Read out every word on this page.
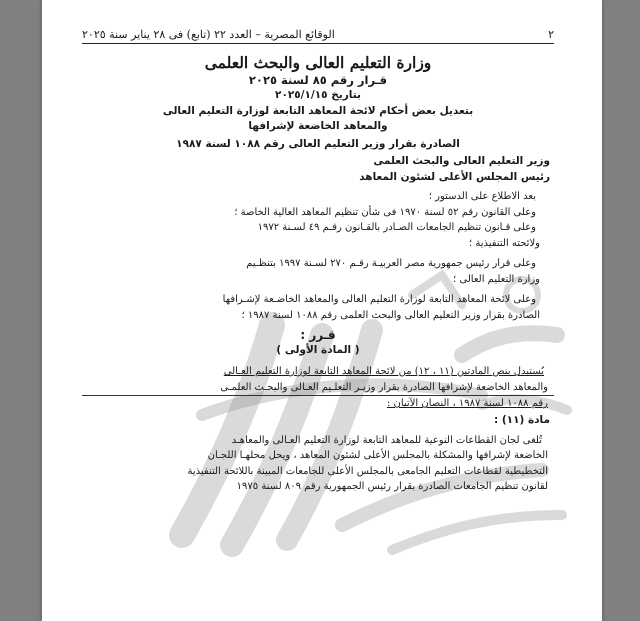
٢
الوقائع المصرية – العدد ٢٢ (تابع) فى ٢٨ يناير سنة ٢٠٢٥
وزارة التعليم العالى والبحث العلمى
قـرار رقم ٨٥ لسنة ٢٠٢٥
بتاريخ ٢٠٢٥/١/١٥
بتعديل بعض أحكام لائحة المعاهد التابعة لوزارة التعليم العالى
والمعاهد الخاضعة لإشرافها
الصادرة بقرار وزير التعليم العالى رقم ١٠٨٨ لسنة ١٩٨٧
وزير التعليم العالى والبحث العلمى
رئيس المجلس الأعلى لشئون المعاهد
بعد الاطلاع على الدستور ؛
وعلى القانون رقم ٥٢ لسنة ١٩٧٠ فى شأن تنظيم المعاهد العالية الخاصة ؛
وعلى قـانون تنظيم الجامعات الصـادر بالقـانون رقـم ٤٩ لسـنة ١٩٧٢
ولائحته التنفيذية ؛
وعلى قرار رئيس جمهورية مصر العربيـة رقـم ٢٧٠ لسـنة ١٩٩٧ بتنظـيم
وزارة التعليم العالى ؛
وعلى لائحة المعاهد التابعة لوزارة التعليم العالى والمعاهد الخاضـعة لإشـرافها
الصادرة بقرار وزير التعليم العالى والبحث العلمى رقم ١٠٨٨ لسنة ١٩٨٧ ؛
قـرر :
( المادة الأولى )
يُستبدل بنص المادتين (١١ ، ١٢) من لائحة المعاهد التابعة لوزارة التعليم العـالى
والمعاهد الخاضعة لإشرافها الصادرة بقرار وزيـر التعلـيم العـالى والبحـث العلمـى
رقم ١٠٨٨ لسنة ١٩٨٧ ، النصان الآتيان :
مادة (١١) :
تُلغى لجان القطاعات النوعية للمعاهد التابعة لوزارة التعليم العـالى والمعاهـد
الخاضعة لإشرافها والمشكلة بالمجلس الأعلى لشئون المعاهد ، ويحل محلهـا اللجـان
التخطيطية لقطاعات التعليم الجامعى بالمجلس الأعلى للجامعات المبينة باللائحة التنفيذية
لقانون تنظيم الجامعات الصادرة بقرار رئيس الجمهورية رقم ٨٠٩ لسنة ١٩٧٥
